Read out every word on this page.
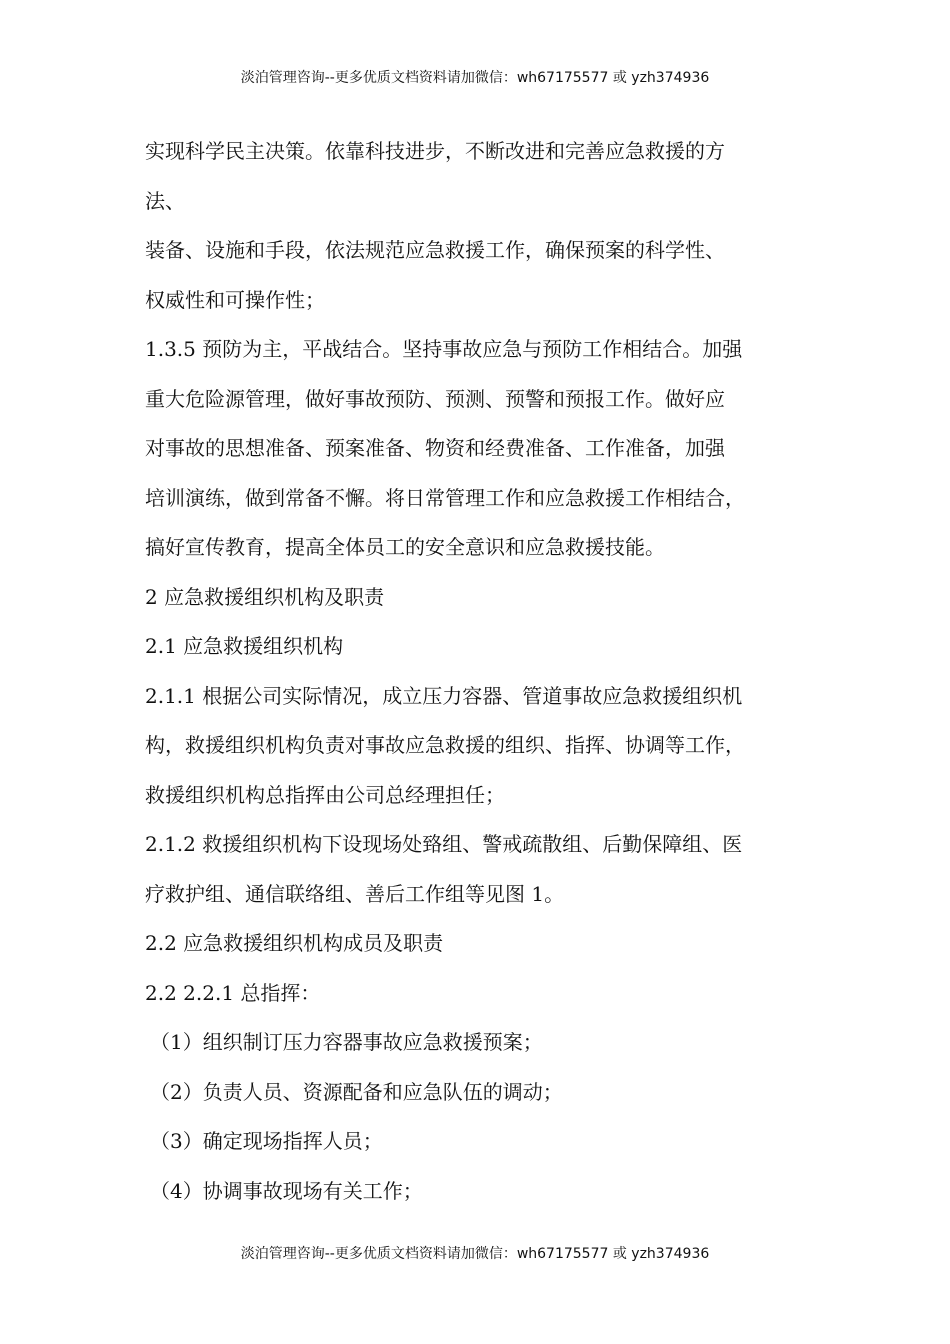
淡泊管理咨询--更多优质文档资料请加微信：wh67175577 或 yzh374936
实现科学民主决策。依靠科技进步，不断改进和完善应急救援的方
法、
装备、设施和手段，依法规范应急救援工作，确保预案的科学性、
权威性和可操作性；
1.3.5 预防为主，平战结合。坚持事故应急与预防工作相结合。加强
重大危险源管理，做好事故预防、预测、预警和预报工作。做好应
对事故的思想准备、预案准备、物资和经费准备、工作准备，加强
培训演练，做到常备不懈。将日常管理工作和应急救援工作相结合，
搞好宣传教育，提高全体员工的安全意识和应急救援技能。
2 应急救援组织机构及职责
2.1 应急救援组织机构
2.1.1 根据公司实际情况，成立压力容器、管道事故应急救援组织机
构，救援组织机构负责对事故应急救援的组织、指挥、协调等工作，
救援组织机构总指挥由公司总经理担任；
2.1.2 救援组织机构下设现场处臵组、警戒疏散组、后勤保障组、医
疗救护组、通信联络组、善后工作组等见图 1。
2.2 应急救援组织机构成员及职责
2.2 2.2.1 总指挥：
（1）组织制订压力容器事故应急救援预案；
（2）负责人员、资源配备和应急队伍的调动；
（3）确定现场指挥人员；
（4）协调事故现场有关工作；
淡泊管理咨询--更多优质文档资料请加微信：wh67175577 或 yzh374936
